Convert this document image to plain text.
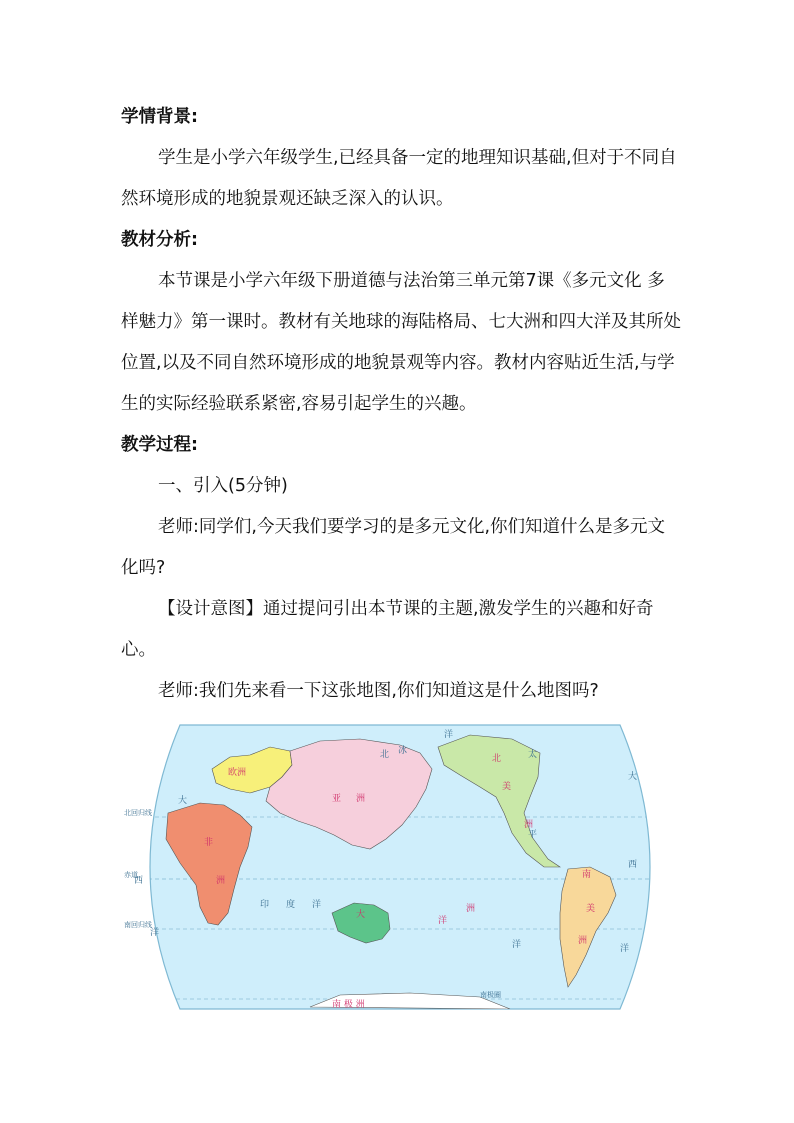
学情背景:
学生是小学六年级学生,已经具备一定的地理知识基础,但对于不同自然环境形成的地貌景观还缺乏深入的认识。
教材分析:
本节课是小学六年级下册道德与法治第三单元第7课《多元文化 多样魅力》第一课时。教材有关地球的海陆格局、七大洲和四大洋及其所处位置,以及不同自然环境形成的地貌景观等内容。教材内容贴近生活,与学生的实际经验联系紧密,容易引起学生的兴趣。
教学过程:
一、引入(5分钟)
老师:同学们,今天我们要学习的是多元文化,你们知道什么是多元文化吗?
【设计意图】通过提问引出本节课的主题,激发学生的兴趣和好奇心。
老师:我们先来看一下这张地图,你们知道这是什么地图吗?
欧洲
亚 洲
非
洲
北
美
洲
南
美
洲
大
洋
洲
南 极 洲
北 冰
洋
大
西
洋
大
西
洋
印 度 洋
太
平
洋
北回归线
南回归线
南极圈
赤道
